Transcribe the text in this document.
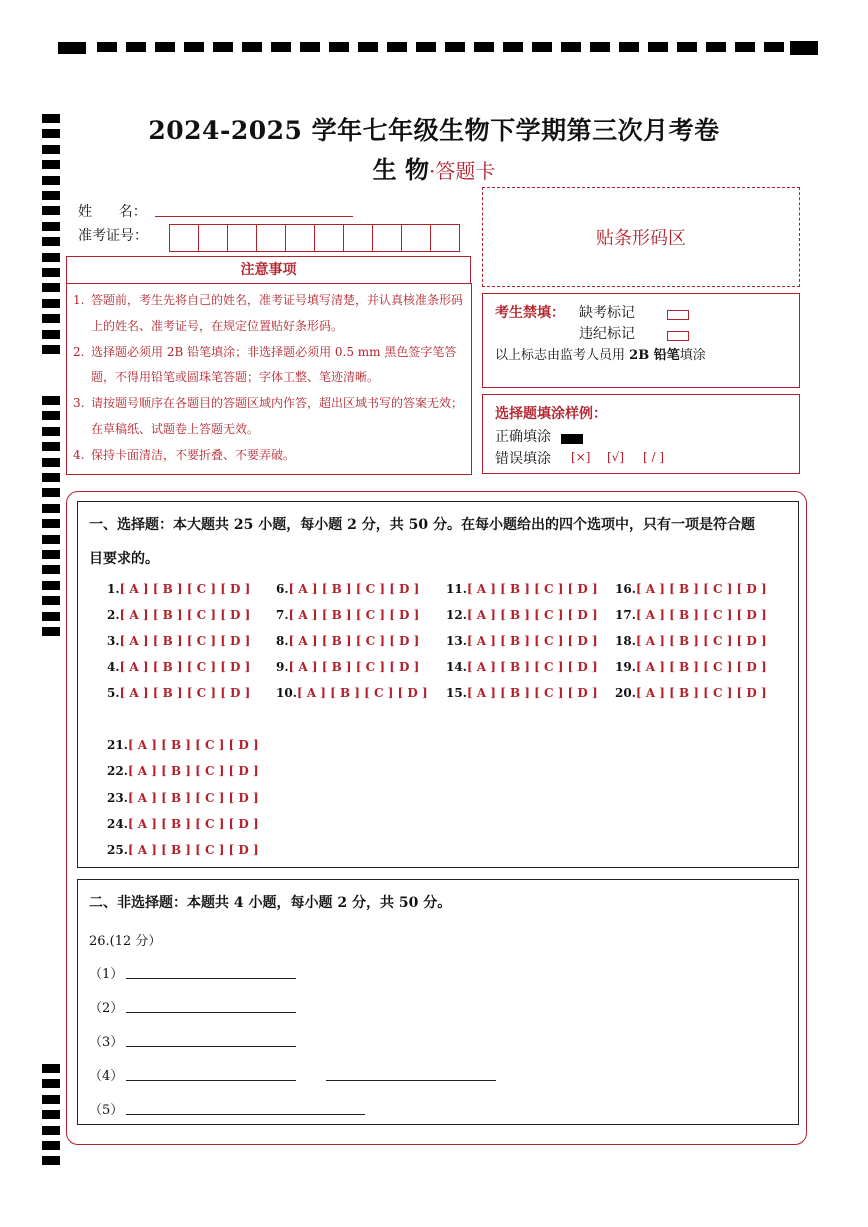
2024-2025 学年七年级生物下学期第三次月考卷
生 物·答题卡
姓      名：
准考证号：	贴条形码区
注意事项
1. 答题前，考生先将自己的姓名，准考证号填写清楚，并认真核准条形码上的姓名、准考证号，在规定位置贴好条形码。
2. 选择题必须用 2B 铅笔填涂；非选择题必须用 0.5 mm 黑色签字笔答题，不得用铅笔或圆珠笔答题；字体工整、笔迹清晰。
3. 请按题号顺序在各题目的答题区域内作答，超出区域书写的答案无效；在草稿纸、试题卷上答题无效。
4. 保持卡面清洁，不要折叠、不要弄破。
考生禁填： 缺考标记
违纪标记
以上标志由监考人员用 2B 铅笔填涂
选择题填涂样例：
正确填涂
错误填涂 [×] [√] [ / ]
一、选择题：本大题共 25 小题，每小题 2 分，共 50 分。在每小题给出的四个选项中，只有一项是符合题
目要求的。
1.[ A ] [ B ] [ C ] [ D ]
2.[ A ] [ B ] [ C ] [ D ]
3.[ A ] [ B ] [ C ] [ D ]
4.[ A ] [ B ] [ C ] [ D ]
5.[ A ] [ B ] [ C ] [ D ]
6.[ A ] [ B ] [ C ] [ D ]
7.[ A ] [ B ] [ C ] [ D ]
8.[ A ] [ B ] [ C ] [ D ]
9.[ A ] [ B ] [ C ] [ D ]
10.[ A ] [ B ] [ C ] [ D ]
11.[ A ] [ B ] [ C ] [ D ]
12.[ A ] [ B ] [ C ] [ D ]
13.[ A ] [ B ] [ C ] [ D ]
14.[ A ] [ B ] [ C ] [ D ]
15.[ A ] [ B ] [ C ] [ D ]
16.[ A ] [ B ] [ C ] [ D ]
17.[ A ] [ B ] [ C ] [ D ]
18.[ A ] [ B ] [ C ] [ D ]
19.[ A ] [ B ] [ C ] [ D ]
20.[ A ] [ B ] [ C ] [ D ]
21.[ A ] [ B ] [ C ] [ D ]
22.[ A ] [ B ] [ C ] [ D ]
23.[ A ] [ B ] [ C ] [ D ]
24.[ A ] [ B ] [ C ] [ D ]
25.[ A ] [ B ] [ C ] [ D ]
二、非选择题：本题共 4 小题，每小题 2 分，共 50 分。
26.(12 分）
（1）
（2）
（3）
（4）
（5）
